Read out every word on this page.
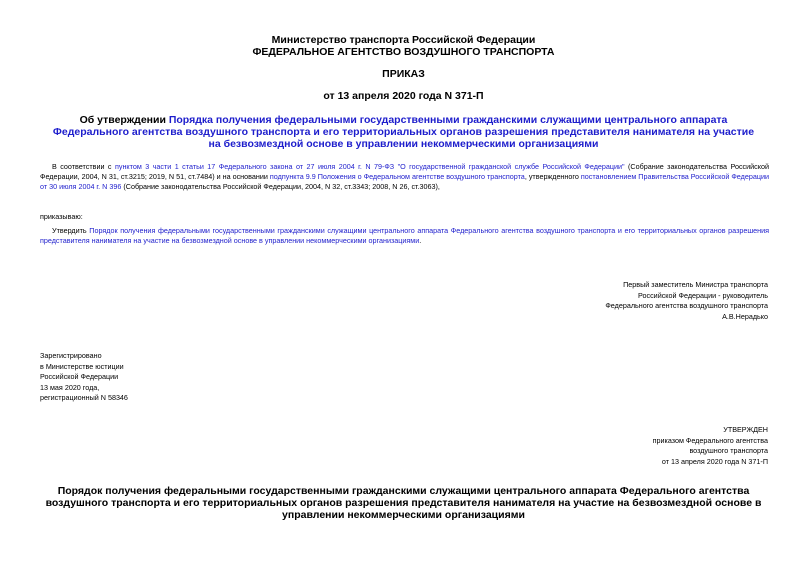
Министерство транспорта Российской Федерации
ФЕДЕРАЛЬНОЕ АГЕНТСТВО ВОЗДУШНОГО ТРАНСПОРТА
ПРИКАЗ
от 13 апреля 2020 года N 371-П
Об утверждении Порядка получения федеральными государственными гражданскими служащими центрального аппарата Федерального агентства воздушного транспорта и его территориальных органов разрешения представителя нанимателя на участие на безвозмездной основе в управлении некоммерческими организациями
В соответствии с пунктом 3 части 1 статьи 17 Федерального закона от 27 июля 2004 г. N 79-ФЗ "О государственной гражданской службе Российской Федерации" (Собрание законодательства Российской Федерации, 2004, N 31, ст.3215; 2019, N 51, ст.7484) и на основании подпункта 9.9 Положения о Федеральном агентстве воздушного транспорта, утвержденного постановлением Правительства Российской Федерации от 30 июля 2004 г. N 396 (Собрание законодательства Российской Федерации, 2004, N 32, ст.3343; 2008, N 26, ст.3063),
приказываю:
Утвердить Порядок получения федеральными государственными гражданскими служащими центрального аппарата Федерального агентства воздушного транспорта и его территориальных органов разрешения представителя нанимателя на участие на безвозмездной основе в управлении некоммерческими организациями.
Первый заместитель Министра транспорта
Российской Федерации - руководитель
Федерального агентства воздушного транспорта
А.В.Нерадько
Зарегистрировано
в Министерстве юстиции
Российской Федерации
13 мая 2020 года,
регистрационный N 58346
УТВЕРЖДЕН
приказом Федерального агентства
воздушного транспорта
от 13 апреля 2020 года N 371-П
Порядок получения федеральными государственными гражданскими служащими центрального аппарата Федерального агентства воздушного транспорта и его территориальных органов разрешения представителя нанимателя на участие на безвозмездной основе в управлении некоммерческими организациями
